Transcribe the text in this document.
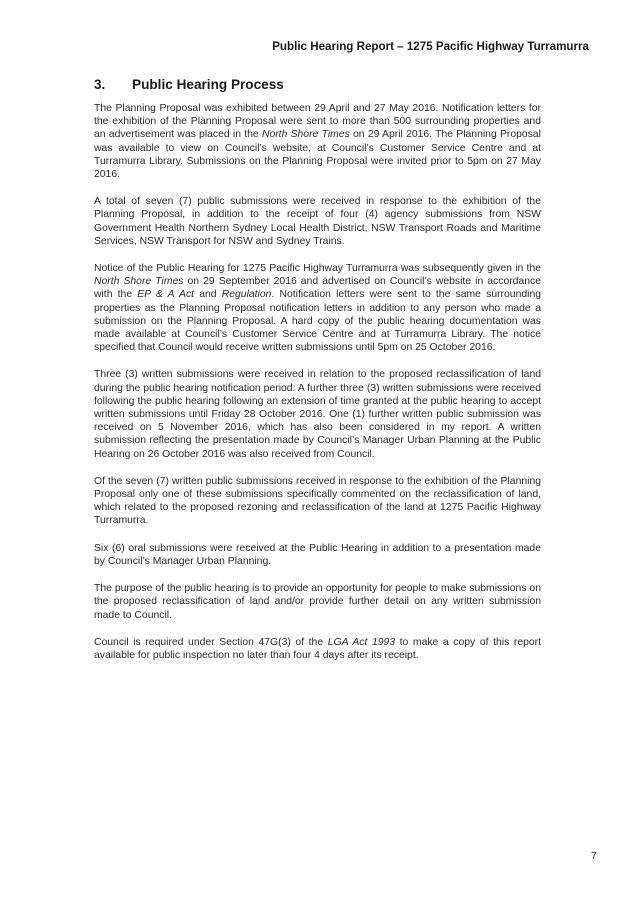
Public Hearing Report – 1275 Pacific Highway Turramurra
3. Public Hearing Process

The Planning Proposal was exhibited between 29 April and 27 May 2016. Notification letters for the exhibition of the Planning Proposal were sent to more than 500 surrounding properties and an advertisement was placed in the North Shore Times on 29 April 2016. The Planning Proposal was available to view on Council’s website, at Council’s Customer Service Centre and at Turramurra Library. Submissions on the Planning Proposal were invited prior to 5pm on 27 May 2016.

A total of seven (7) public submissions were received in response to the exhibition of the Planning Proposal, in addition to the receipt of four (4) agency submissions from NSW Government Health Northern Sydney Local Health District, NSW Transport Roads and Maritime Services, NSW Transport for NSW and Sydney Trains.

Notice of the Public Hearing for 1275 Pacific Highway Turramurra was subsequently given in the North Shore Times on 29 September 2016 and advertised on Council’s website in accordance with the EP & A Act and Regulation. Notification letters were sent to the same surrounding properties as the Planning Proposal notification letters in addition to any person who made a submission on the Planning Proposal. A hard copy of the public hearing documentation was made available at Council’s Customer Service Centre and at Turramurra Library. The notice specified that Council would receive written submissions until 5pm on 25 October 2016.

Three (3) written submissions were received in relation to the proposed reclassification of land during the public hearing notification period. A further three (3) written submissions were received following the public hearing following an extension of time granted at the public hearing to accept written submissions until Friday 28 October 2016. One (1) further written public submission was received on 5 November 2016, which has also been considered in my report. A written submission reflecting the presentation made by Council’s Manager Urban Planning at the Public Hearing on 26 October 2016 was also received from Council.

Of the seven (7) written public submissions received in response to the exhibition of the Planning Proposal only one of these submissions specifically commented on the reclassification of land, which related to the proposed rezoning and reclassification of the land at 1275 Pacific Highway Turramurra.

Six (6) oral submissions were received at the Public Hearing in addition to a presentation made by Council’s Manager Urban Planning.

The purpose of the public hearing is to provide an opportunity for people to make submissions on the proposed reclassification of land and/or provide further detail on any written submission made to Council.

Council is required under Section 47G(3) of the LGA Act 1993 to make a copy of this report available for public inspection no later than four 4 days after its receipt.

7
